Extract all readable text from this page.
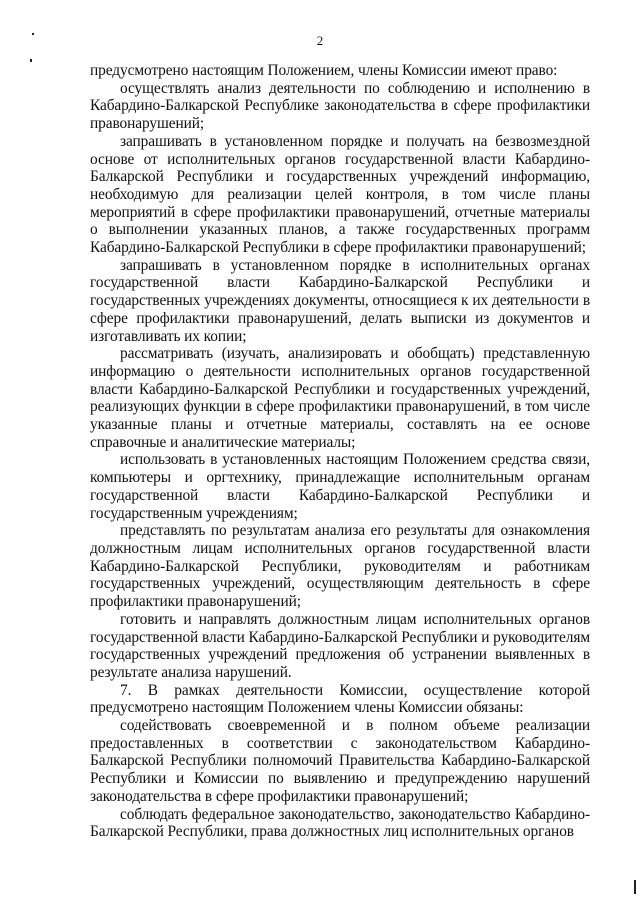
2

предусмотрено настоящим Положением, члены Комиссии имеют право:

осуществлять анализ деятельности по соблюдению и исполнению в Кабардино-Балкарской Республике законодательства в сфере профилактики правонарушений;

запрашивать в установленном порядке и получать на безвозмездной основе от исполнительных органов государственной власти Кабардино-Балкарской Республики и государственных учреждений информацию, необходимую для реализации целей контроля, в том числе планы мероприятий в сфере профилактики правонарушений, отчетные материалы о выполнении указанных планов, а также государственных программ Кабардино-Балкарской Республики в сфере профилактики правонарушений;

запрашивать в установленном порядке в исполнительных органах государственной власти Кабардино-Балкарской Республики и государственных учреждениях документы, относящиеся к их деятельности в сфере профилактики правонарушений, делать выписки из документов и изготавливать их копии;

рассматривать (изучать, анализировать и обобщать) представленную информацию о деятельности исполнительных органов государственной власти Кабардино-Балкарской Республики и государственных учреждений, реализующих функции в сфере профилактики правонарушений, в том числе указанные планы и отчетные материалы, составлять на ее основе справочные и аналитические материалы;

использовать в установленных настоящим Положением средства связи, компьютеры и оргтехнику, принадлежащие исполнительным органам государственной власти Кабардино-Балкарской Республики и государственным учреждениям;

представлять по результатам анализа его результаты для ознакомления должностным лицам исполнительных органов государственной власти Кабардино-Балкарской Республики, руководителям и работникам государственных учреждений, осуществляющим деятельность в сфере профилактики правонарушений;

готовить и направлять должностным лицам исполнительных органов государственной власти Кабардино-Балкарской Республики и руководителям государственных учреждений предложения об устранении выявленных в результате анализа нарушений.

7. В рамках деятельности Комиссии, осуществление которой предусмотрено настоящим Положением члены Комиссии обязаны:

содействовать своевременной и в полном объеме реализации предоставленных в соответствии с законодательством Кабардино-Балкарской Республики полномочий Правительства Кабардино-Балкарской Республики и Комиссии по выявлению и предупреждению нарушений законодательства в сфере профилактики правонарушений;

соблюдать федеральное законодательство, законодательство Кабардино-Балкарской Республики, права должностных лиц исполнительных органов
